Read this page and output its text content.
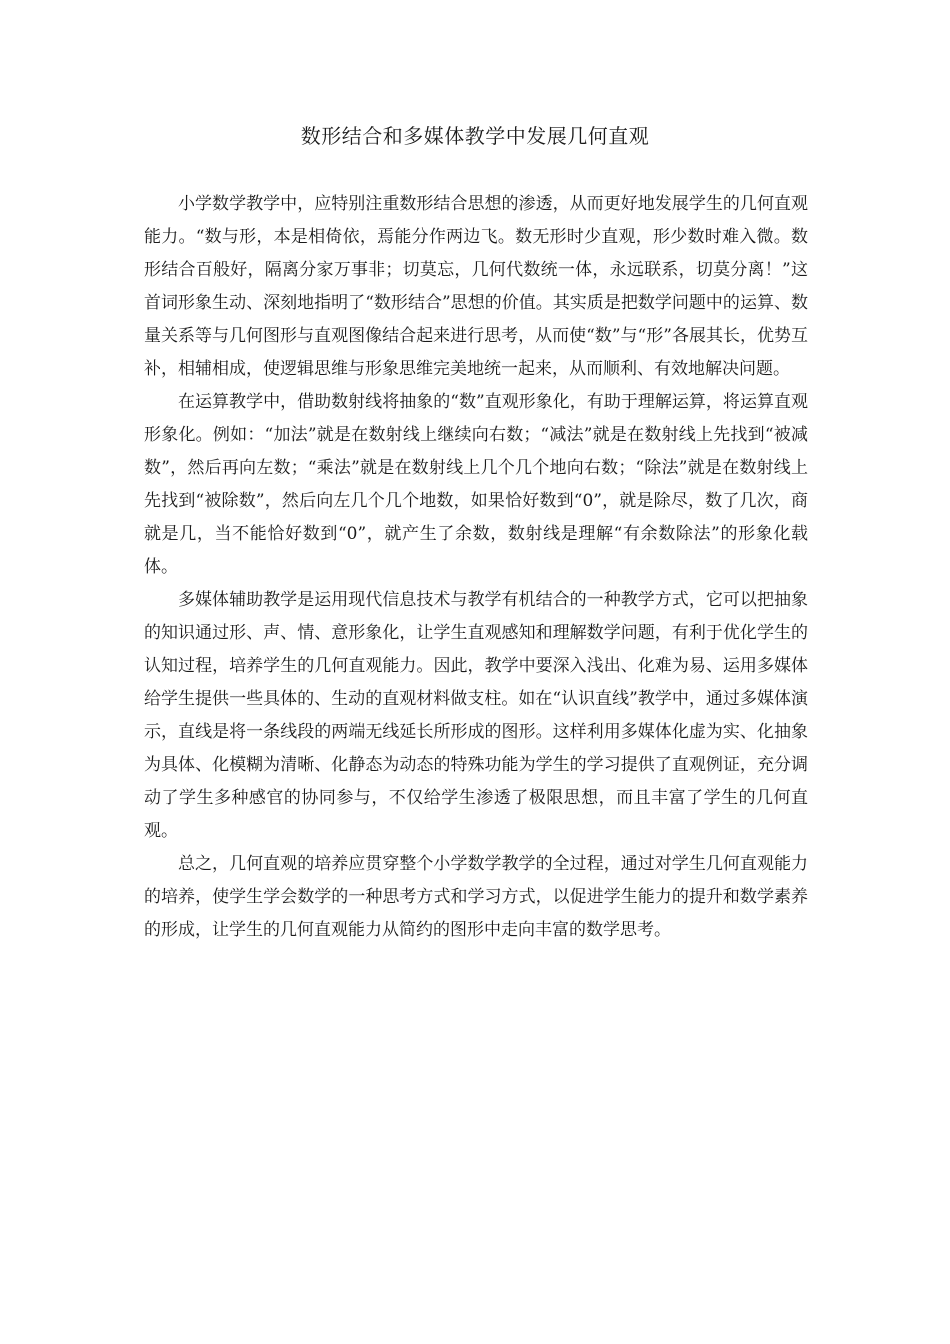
数形结合和多媒体教学中发展几何直观

小学数学教学中，应特别注重数形结合思想的渗透，从而更好地发展学生的几何直观能力。“数与形，本是相倚依，焉能分作两边飞。数无形时少直观，形少数时难入微。数形结合百般好，隔离分家万事非；切莫忘，几何代数统一体，永远联系，切莫分离！”这首词形象生动、深刻地指明了“数形结合”思想的价值。其实质是把数学问题中的运算、数量关系等与几何图形与直观图像结合起来进行思考，从而使“数”与“形”各展其长，优势互补，相辅相成，使逻辑思维与形象思维完美地统一起来，从而顺利、有效地解决问题。

在运算教学中，借助数射线将抽象的“数”直观形象化，有助于理解运算，将运算直观形象化。例如：“加法”就是在数射线上继续向右数；“减法”就是在数射线上先找到“被减数”，然后再向左数；“乘法”就是在数射线上几个几个地向右数；“除法”就是在数射线上先找到“被除数”，然后向左几个几个地数，如果恰好数到“0”，就是除尽，数了几次，商就是几，当不能恰好数到“0”，就产生了余数，数射线是理解“有余数除法”的形象化载体。

多媒体辅助教学是运用现代信息技术与教学有机结合的一种教学方式，它可以把抽象的知识通过形、声、情、意形象化，让学生直观感知和理解数学问题，有利于优化学生的认知过程，培养学生的几何直观能力。因此，教学中要深入浅出、化难为易、运用多媒体给学生提供一些具体的、生动的直观材料做支柱。如在“认识直线”教学中，通过多媒体演示，直线是将一条线段的两端无线延长所形成的图形。这样利用多媒体化虚为实、化抽象为具体、化模糊为清晰、化静态为动态的特殊功能为学生的学习提供了直观例证，充分调动了学生多种感官的协同参与，不仅给学生渗透了极限思想，而且丰富了学生的几何直观。

总之，几何直观的培养应贯穿整个小学数学教学的全过程，通过对学生几何直观能力的培养，使学生学会数学的一种思考方式和学习方式，以促进学生能力的提升和数学素养的形成，让学生的几何直观能力从简约的图形中走向丰富的数学思考。
